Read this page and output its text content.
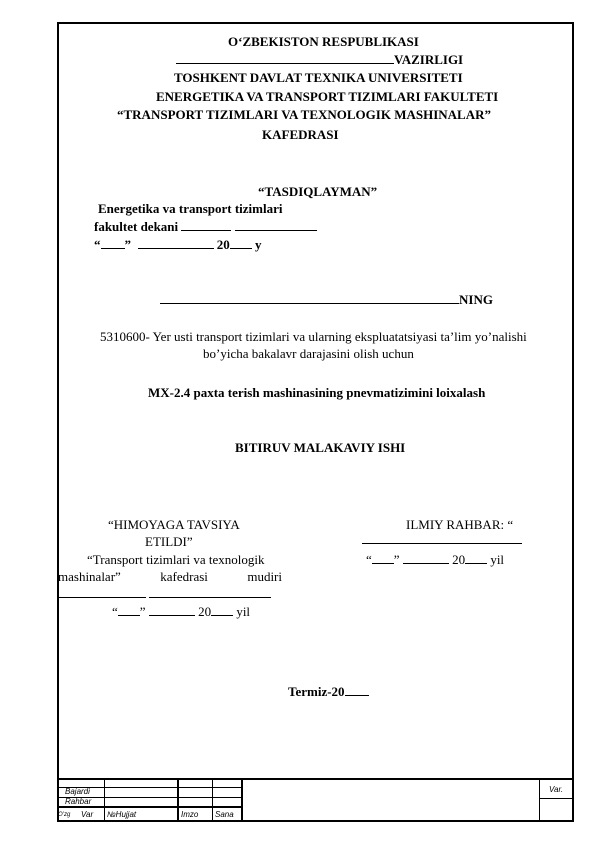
O‘ZBEKISTON RESPUBLIKASI
VAZIRLIGI
TOSHKENT DAVLAT TEXNIKA UNIVERSITETI
ENERGETIKA VA TRANSPORT TIZIMLARI FAKULTETI
“TRANSPORT TIZIMLARI VA TEXNOLOGIK MASHINALAR”
KAFEDRASI
“TASDIQLAYMAN”
Energetika va transport tizimlari
fakultet dekani
“ ”	20 y
NING
5310600- Yer usti transport tizimlari va ularning ekspluatatsiyasi ta’lim yo’nalishi
bo’yicha bakalavr darajasini olish uchun
MX-2.4 paxta terish mashinasining pnevmatizimini loixalash
BITIRUV MALAKAVIY ISHI
“HIMOYAGA TAVSIYA
ETILDI”
“Transport tizimlari va texnologik
mashinalar”	kafedrasi	mudiri

“ ”	20 yil
ILMIY RAHBAR: “
“ ”	20 yil
Termiz-20
Bajardi
Rahbar
O’zg Var №Hujjat	Imzo Sana
Var.
